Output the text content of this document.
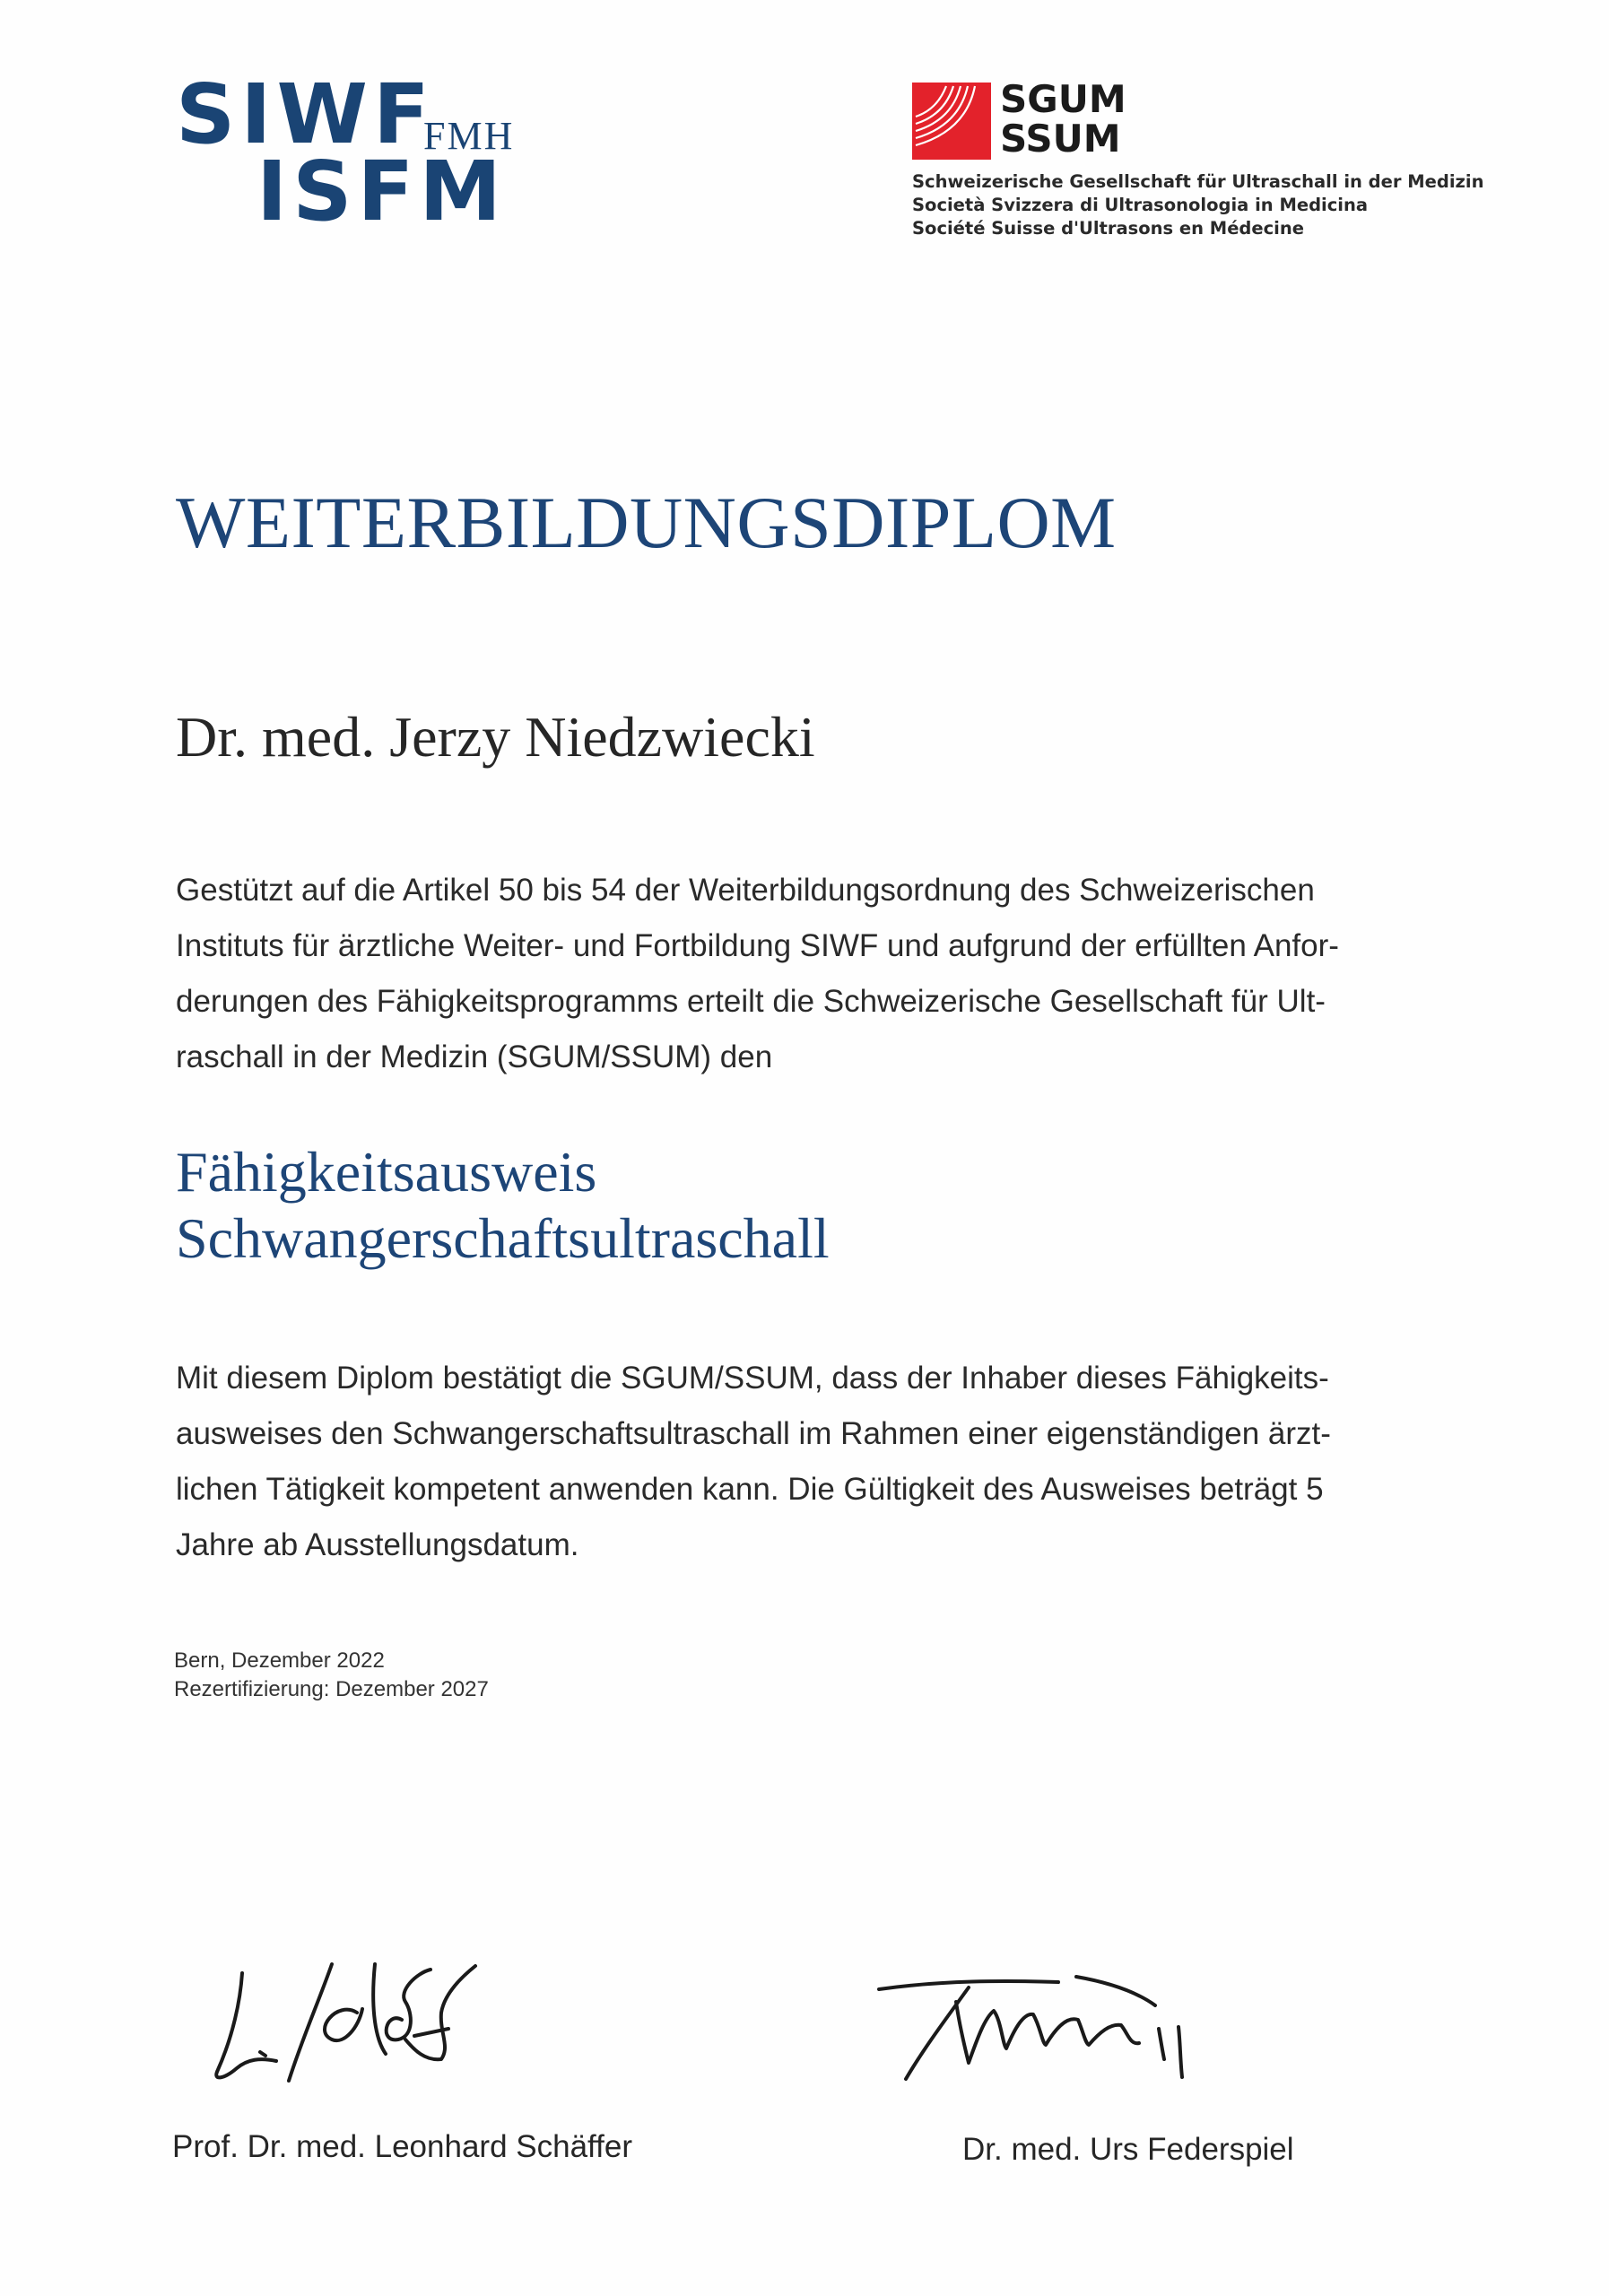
SIWF
FMH
ISFM
SGUM
SSUM
Schweizerische Gesellschaft für Ultraschall in der Medizin
Società Svizzera di Ultrasonologia in Medicina
Société Suisse d'Ultrasons en Médecine
WEITERBILDUNGSDIPLOM
Dr. med. Jerzy Niedzwiecki
Gestützt auf die Artikel 50 bis 54 der Weiterbildungsordnung des Schweizerischen
Instituts für ärztliche Weiter- und Fortbildung SIWF und aufgrund der erfüllten Anfor-
derungen des Fähigkeitsprogramms erteilt die Schweizerische Gesellschaft für Ult-
raschall in der Medizin (SGUM/SSUM) den
Fähigkeitsausweis
Schwangerschaftsultraschall
Mit diesem Diplom bestätigt die SGUM/SSUM, dass der Inhaber dieses Fähigkeits-
ausweises den Schwangerschaftsultraschall im Rahmen einer eigenständigen ärzt-
lichen Tätigkeit kompetent anwenden kann. Die Gültigkeit des Ausweises beträgt 5
Jahre ab Ausstellungsdatum.
Bern, Dezember 2022
Rezertifizierung: Dezember 2027
Prof. Dr. med. Leonhard Schäffer	Dr. med. Urs Federspiel
